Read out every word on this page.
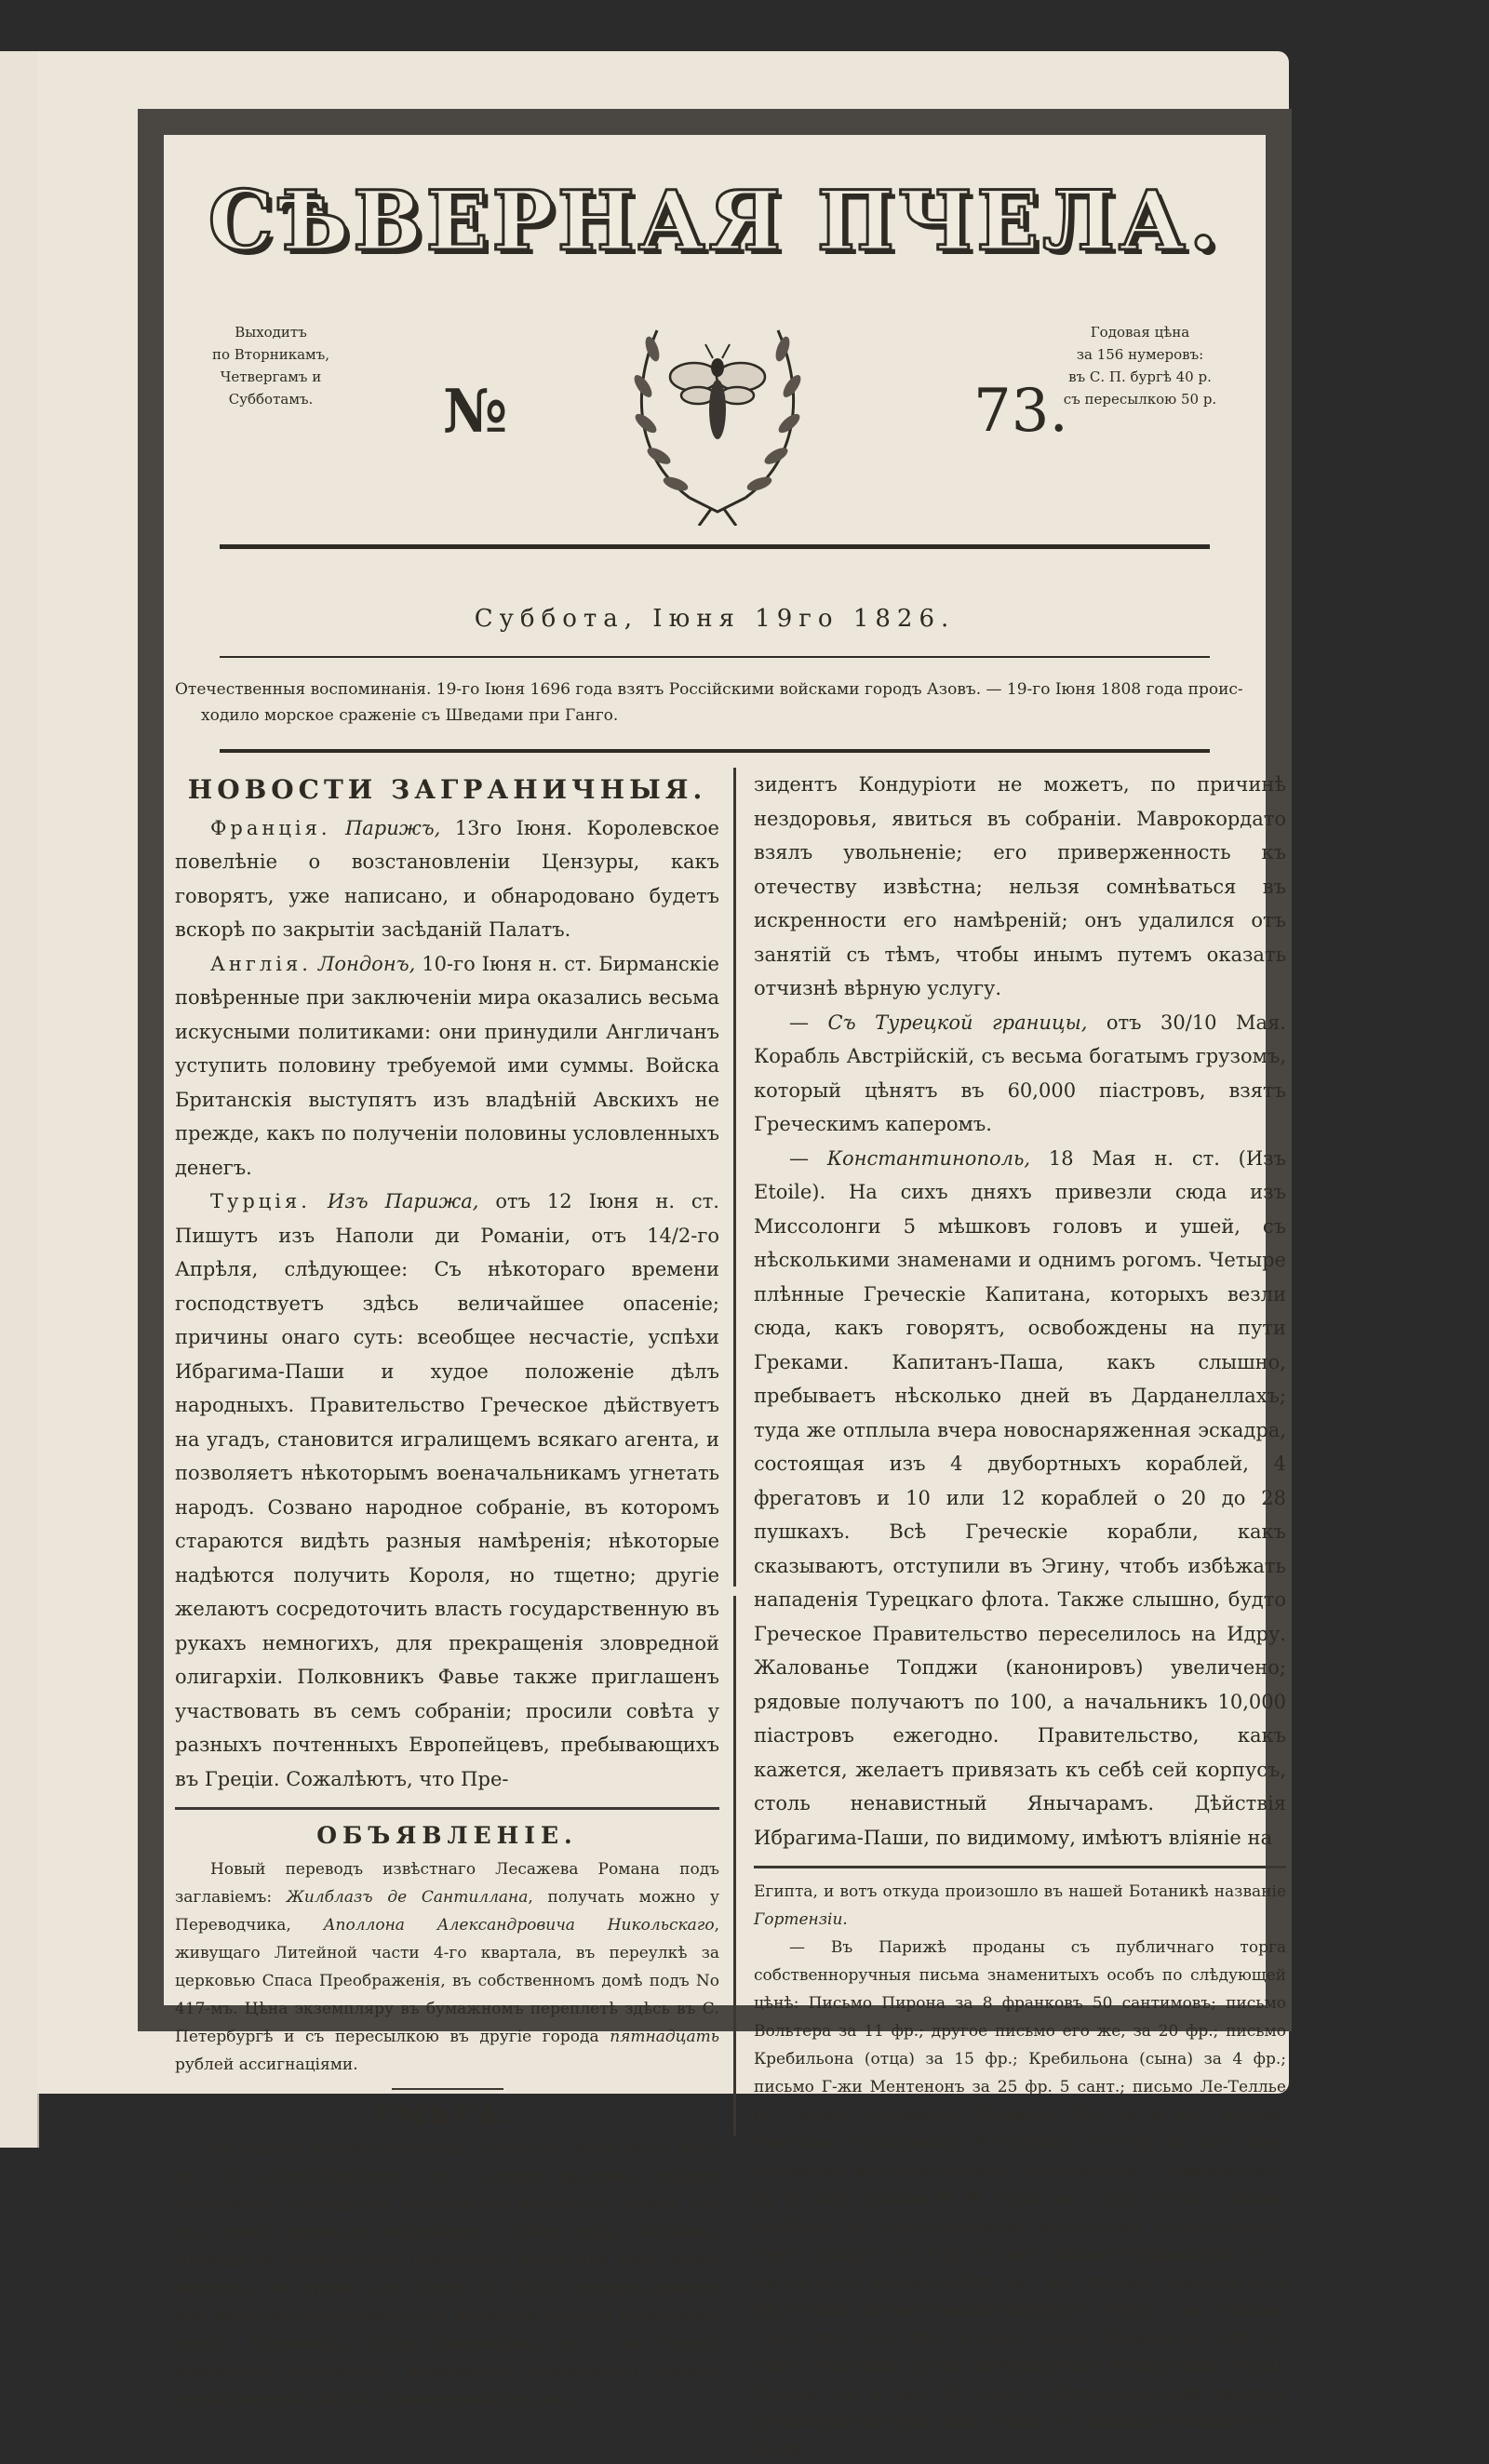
СѢВЕРНАЯ ПЧЕЛА.
Выходитъ
по Вторникамъ,
Четвергамъ и
Субботамъ.
Годовая цѣна
за 156 нумеровъ:
въ С. П. бургѣ 40 р.
съ пересылкою 50 р.
№	73.
Суббота, Іюня 19го 1826.
Отечественныя воспоминанія. 19-го Іюня 1696 года взятъ Россійскими войсками городъ Азовъ. — 19-го Іюня 1808 года проис-
ходило морское сраженіе съ Шведами при Ганго.
НОВОСТИ ЗАГРАНИЧНЫЯ.

Франція. Парижъ, 13го Іюня. Королевское повелѣніе о возстановленіи Цензуры, какъ говорятъ, уже написано, и обнародовано будетъ вскорѣ по закрытіи засѣданій Палатъ.

Англія. Лондонъ, 10-го Іюня н. ст. Бирманскіе повѣренные при заключеніи мира оказались весьма искусными политиками: они принудили Англичанъ уступить половину требуемой ими суммы. Войска Британскія выступятъ изъ владѣній Авскихъ не прежде, какъ по полученіи половины условленныхъ денегъ.

Турція. Изъ Парижа, отъ 12 Іюня н. ст. Пишутъ изъ Наполи ди Романіи, отъ 14/2-го Апрѣля, слѣдующее: Съ нѣкотораго времени господствуетъ здѣсь величайшее опасеніе; причины онаго суть: всеобщее несчастіе, успѣхи Ибрагима-Паши и худое положеніе дѣлъ народныхъ. Правительство Греческое дѣйствуетъ на угадъ, становится игралищемъ всякаго агента, и позволяетъ нѣкоторымъ военачальникамъ угнетать народъ. Созвано народное собраніе, въ которомъ стараются видѣть разныя намѣренія; нѣкоторые надѣются получить Короля, но тщетно; другіе желаютъ сосредоточить власть государственную въ рукахъ немногихъ, для прекращенія зловредной олигархіи. Полковникъ Фавье также приглашенъ участвовать въ семъ собраніи; просили совѣта у разныхъ почтенныхъ Европейцевъ, пребывающихъ въ Греціи. Сожалѣютъ, что Пре-

ОБЪЯВЛЕНІЕ.

Новый переводъ извѣстнаго Лесажева Романа подъ заглавіемъ: Жилблазъ де Сантиллана, получать можно у Переводчика, Аполлона Александровича Никольскаго, живущаго Литейной части 4-го квартала, въ переулкѣ за церковью Спаса Преображенія, въ собственномъ домѣ подъ No 417-мъ. Цѣна экземпляру въ бумажномъ переплетѣ здѣсь въ С. Петербургѣ и съ пересылкою въ другіе города пятнадцать рублей ассигнаціями.

СМѢСЬ.

Въ одномъ новомъ сочиненіи (Lettres en prose et en vers, par M. Albert-Montémont etc.), между прочимъ сказано слѣдующее: „Лаландъ въ старости ѣлъ пауковъ (!), думая, что онъ этимъ одержалъ величайшую побѣду надъ обычаями. Лаландъ въ первый разъ проглотилъ паука для того, чтобъ излечить отъ страха Г-жу Лепотъ (le Paute), которая дрожала при видѣ сего насѣкомаго. Сія женщина оказала величайшія услуги Астрономіи. Скажу мимоходомъ, что Г-жа Лепотъ называлась Гортензіею: Коммерсонъ (Commerson) назвалъ этимъ именемъ цвѣтокъ, привезенный имъ изъ

зидентъ Кондуріоти не можетъ, по причинѣ нездоровья, явиться въ собраніи. Маврокордато взялъ увольненіе; его приверженность къ отечеству извѣстна; нельзя сомнѣваться въ искренности его намѣреній; онъ удалился отъ занятій съ тѣмъ, чтобы инымъ путемъ оказать отчизнѣ вѣрную услугу.

— Съ Турецкой границы, отъ 30/10 Мая. Корабль Австрійскій, съ весьма богатымъ грузомъ, который цѣнятъ въ 60,000 піастровъ, взятъ Греческимъ каперомъ.

— Константинополь, 18 Мая н. ст. (Изъ Etoile). На сихъ дняхъ привезли сюда изъ Миссолонги 5 мѣшковъ головъ и ушей, съ нѣсколькими знаменами и однимъ рогомъ. Четыре плѣнные Греческіе Капитана, которыхъ везли сюда, какъ говорятъ, освобождены на пути Греками. Капитанъ-Паша, какъ слышно, пребываетъ нѣсколько дней въ Дарданеллахъ; туда же отплыла вчера новоснаряженная эскадра, состоящая изъ 4 двубортныхъ кораблей, 4 фрегатовъ и 10 или 12 кораблей о 20 до 28 пушкахъ. Всѣ Греческіе корабли, какъ сказываютъ, отступили въ Эгину, чтобъ избѣжать нападенія Турецкаго флота. Также слышно, будто Греческое Правительство переселилось на Идру. Жалованье Топджи (канонировъ) увеличено; рядовые получаютъ по 100, а начальникъ 10,000 піастровъ ежегодно. Правительство, какъ кажется, желаетъ привязать къ себѣ сей корпусъ, столь ненавистный Янычарамъ. Дѣйствія Ибрагима-Паши, по видимому, имѣютъ вліяніе на

Египта, и вотъ откуда произошло въ нашей Ботаникѣ названіе Гортензіи.

— Въ Парижѣ проданы съ публичнаго торга собственноручныя письма знаменитыхъ особъ по слѣдующей цѣнѣ: Письмо Пирона за 8 франковъ 50 сантимовъ; письмо Вольтера за 11 фр.; другое письмо его же, за 20 фр.; письмо Кребильона (отца) за 15 фр.; Кребильона (сына) за 4 фр.; письмо Г-жи Ментенонъ за 25 фр. 5 сант.; письмо Ле-Теллье (le Tellier), Духовника Лудовика XIV, за 6 фр.; письмо Фенелона, составляющее 8 страницъ, за 27 фр. 50 сант.; одно письмо его же, безъ подписи, составляющее 3 страницы, за 9 фр 55 сант.; письмо Ж. Ж. Руссо, за 21 фр. 10 сант.; письмо Бюффона, за 15 фр.; другое его же, за 9 фр. 5 сант.; письмо Ленге (Linguet), за 4 фр. 5 сант.; письмо Пуффендорфа за 2 фр. 85 сант.; письмо Мабли, за 3 фр.; письмо Гельвеція, за 4 фр. 50 сант.; письмо Лекеня (актера), за 10 фр. 5 сант.; письмо Г-жи Сталь, за 6 фр. 10 сант.; письмо Лаланда за 3 фр. 10 сант.; нѣсколько строкъ по-Французски Императрицы Маріи Терезіи, за 4 фр. 95 сант.; собственноручный приказъ артиллеристамъ при осадѣ Тулона, съ подписью Бонапарте, за 60 фр.
